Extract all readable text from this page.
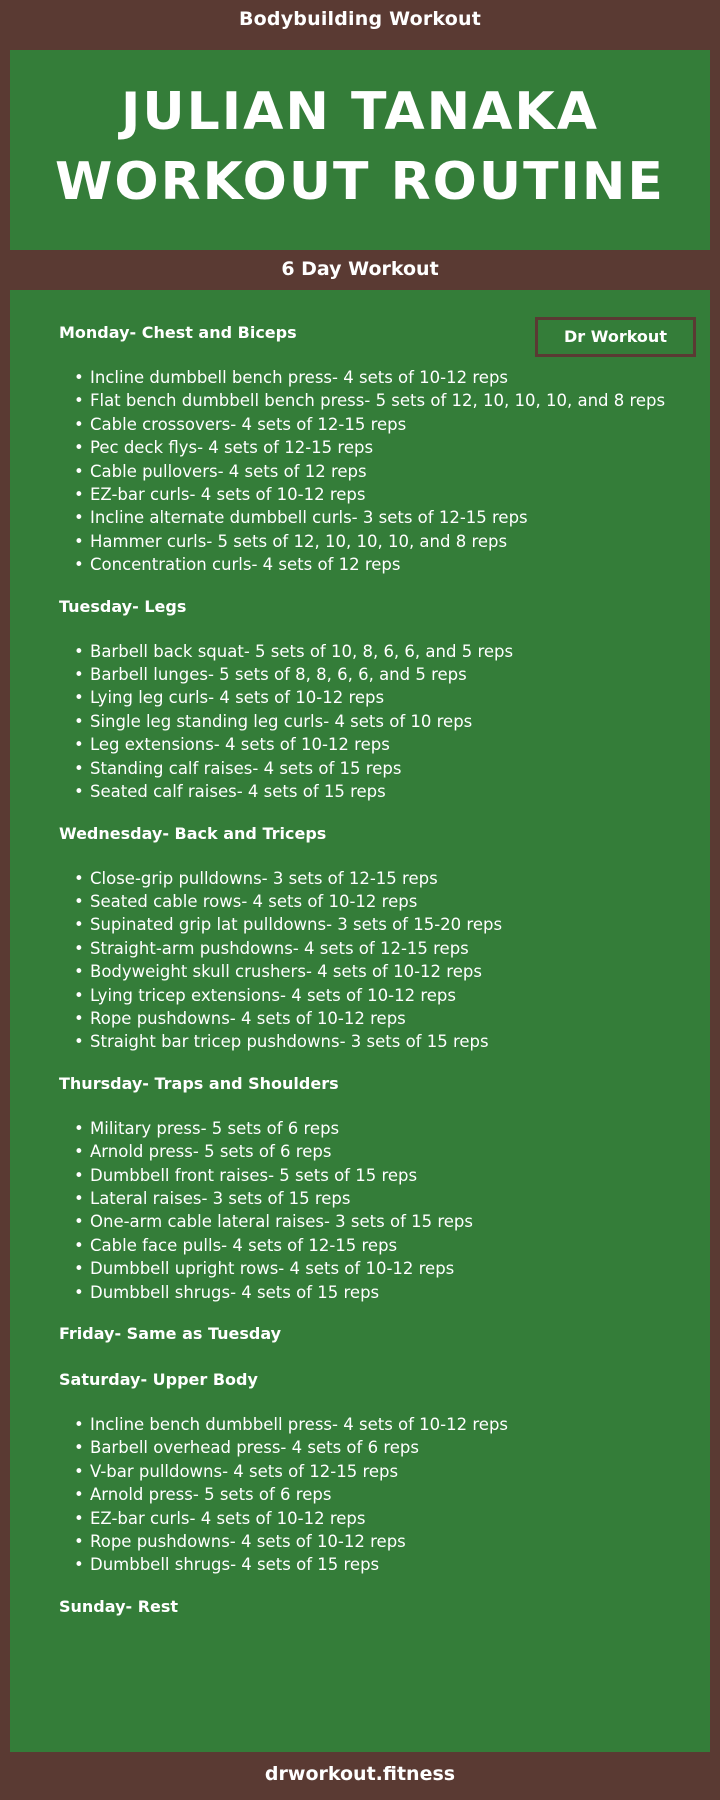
Bodybuilding Workout
JULIAN TANAKA
WORKOUT ROUTINE
6 Day Workout
Dr Workout
Monday- Chest and Biceps
• Incline dumbbell bench press- 4 sets of 10-12 reps
• Flat bench dumbbell bench press- 5 sets of 12, 10, 10, 10, and 8 reps
• Cable crossovers- 4 sets of 12-15 reps
• Pec deck flys- 4 sets of 12-15 reps
• Cable pullovers- 4 sets of 12 reps
• EZ-bar curls- 4 sets of 10-12 reps
• Incline alternate dumbbell curls- 3 sets of 12-15 reps
• Hammer curls- 5 sets of 12, 10, 10, 10, and 8 reps
• Concentration curls- 4 sets of 12 reps
Tuesday- Legs
• Barbell back squat- 5 sets of 10, 8, 6, 6, and 5 reps
• Barbell lunges- 5 sets of 8, 8, 6, 6, and 5 reps
• Lying leg curls- 4 sets of 10-12 reps
• Single leg standing leg curls- 4 sets of 10 reps
• Leg extensions- 4 sets of 10-12 reps
• Standing calf raises- 4 sets of 15 reps
• Seated calf raises- 4 sets of 15 reps
Wednesday- Back and Triceps
• Close-grip pulldowns- 3 sets of 12-15 reps
• Seated cable rows- 4 sets of 10-12 reps
• Supinated grip lat pulldowns- 3 sets of 15-20 reps
• Straight-arm pushdowns- 4 sets of 12-15 reps
• Bodyweight skull crushers- 4 sets of 10-12 reps
• Lying tricep extensions- 4 sets of 10-12 reps
• Rope pushdowns- 4 sets of 10-12 reps
• Straight bar tricep pushdowns- 3 sets of 15 reps
Thursday- Traps and Shoulders
• Military press- 5 sets of 6 reps
• Arnold press- 5 sets of 6 reps
• Dumbbell front raises- 5 sets of 15 reps
• Lateral raises- 3 sets of 15 reps
• One-arm cable lateral raises- 3 sets of 15 reps
• Cable face pulls- 4 sets of 12-15 reps
• Dumbbell upright rows- 4 sets of 10-12 reps
• Dumbbell shrugs- 4 sets of 15 reps
Friday- Same as Tuesday
Saturday- Upper Body
• Incline bench dumbbell press- 4 sets of 10-12 reps
• Barbell overhead press- 4 sets of 6 reps
• V-bar pulldowns- 4 sets of 12-15 reps
• Arnold press- 5 sets of 6 reps
• EZ-bar curls- 4 sets of 10-12 reps
• Rope pushdowns- 4 sets of 10-12 reps
• Dumbbell shrugs- 4 sets of 15 reps
Sunday- Rest
drworkout.fitness
